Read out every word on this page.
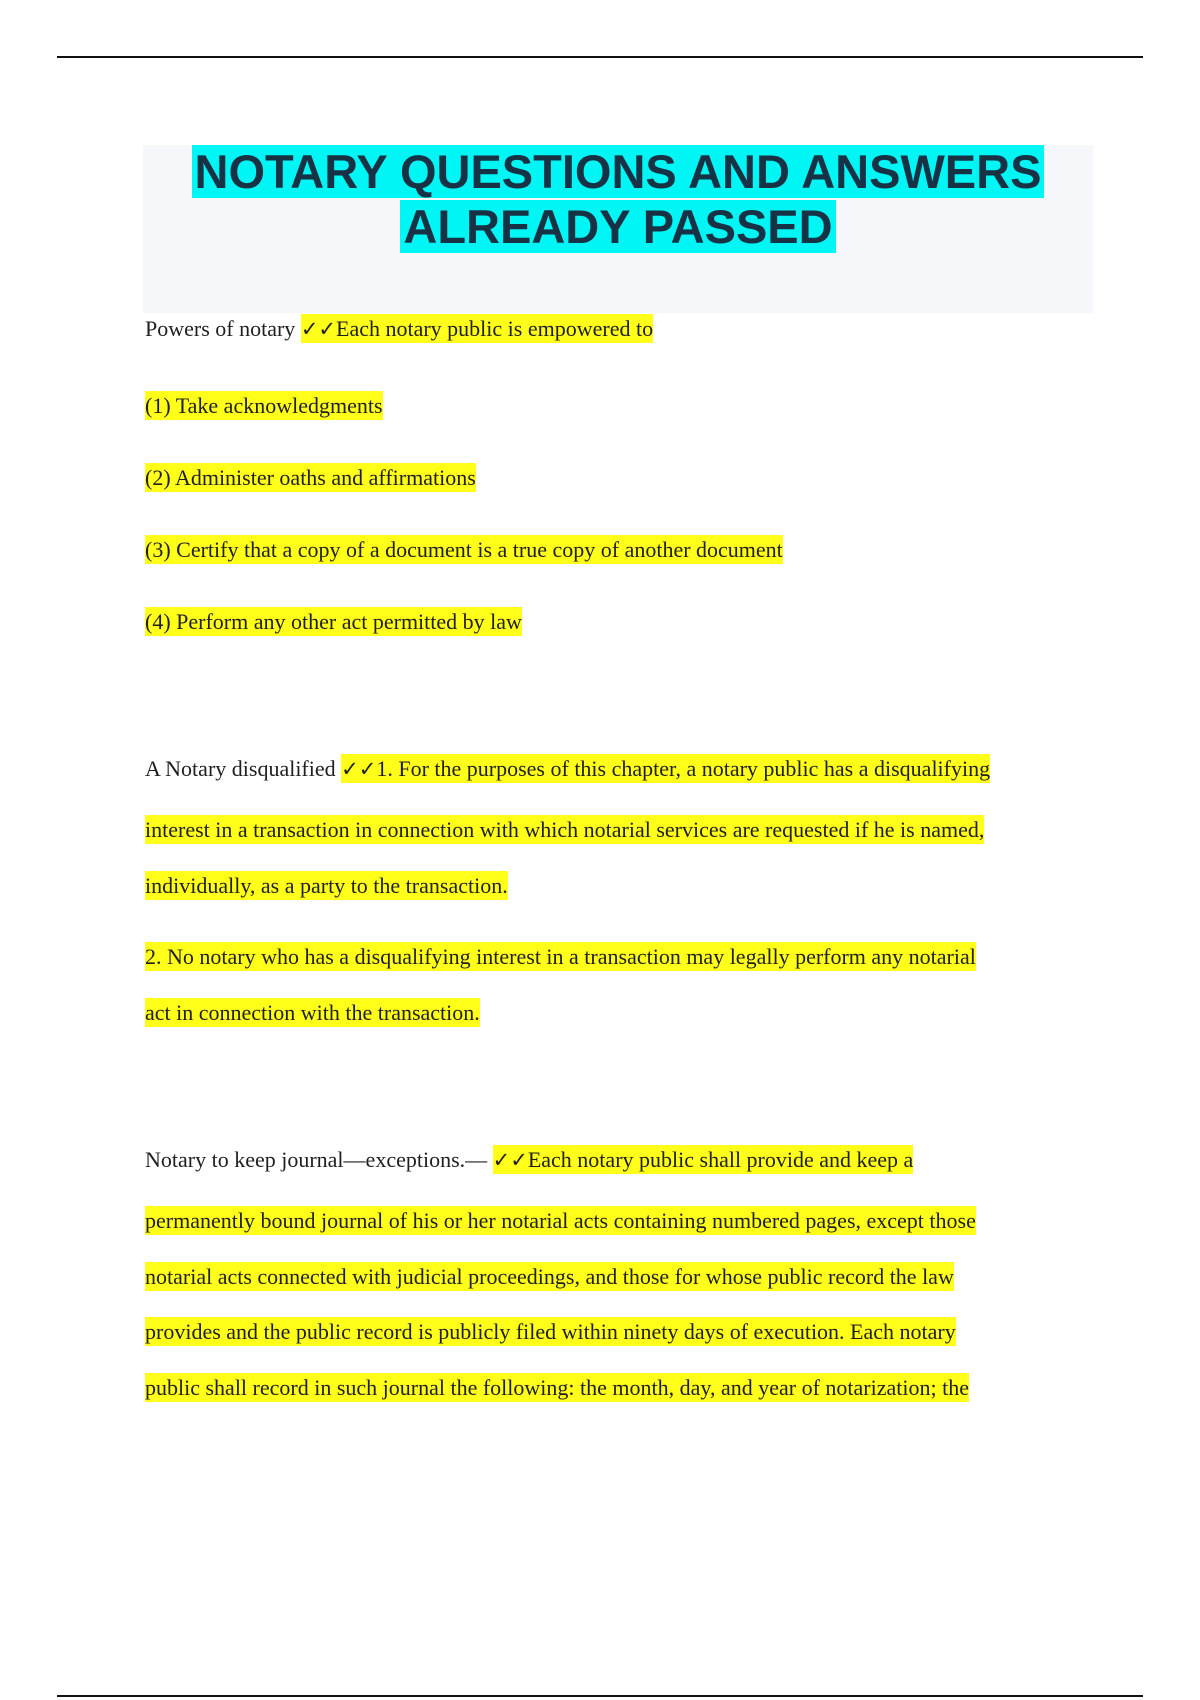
NOTARY QUESTIONS AND ANSWERS
ALREADY PASSED

Powers of notary ✓✓Each notary public is empowered to

(1) Take acknowledgments

(2) Administer oaths and affirmations

(3) Certify that a copy of a document is a true copy of another document

(4) Perform any other act permitted by law

A Notary disqualified ✓✓1. For the purposes of this chapter, a notary public has a disqualifying

interest in a transaction in connection with which notarial services are requested if he is named,

individually, as a party to the transaction.

2. No notary who has a disqualifying interest in a transaction may legally perform any notarial

act in connection with the transaction.

Notary to keep journal—exceptions.— ✓✓Each notary public shall provide and keep a

permanently bound journal of his or her notarial acts containing numbered pages, except those

notarial acts connected with judicial proceedings, and those for whose public record the law

provides and the public record is publicly filed within ninety days of execution. Each notary

public shall record in such journal the following: the month, day, and year of notarization; the
